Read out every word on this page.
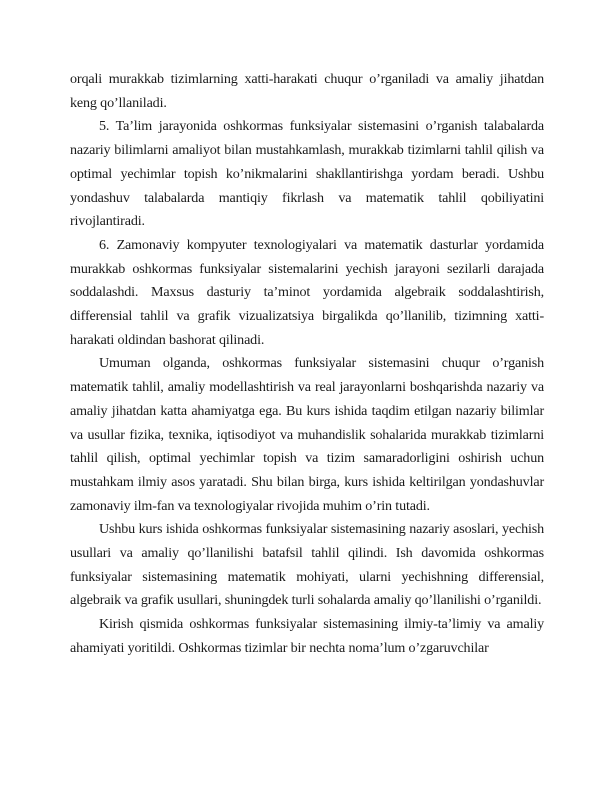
orqali murakkab tizimlarning xatti-harakati chuqur o’rganiladi va amaliy jihatdan keng qo’llaniladi.

5. Ta’lim jarayonida oshkormas funksiyalar sistemasini o’rganish talabalarda nazariy bilimlarni amaliyot bilan mustahkamlash, murakkab tizimlarni tahlil qilish va optimal yechimlar topish ko’nikmalarini shakllantirishga yordam beradi. Ushbu yondashuv talabalarda mantiqiy fikrlash va matematik tahlil qobiliyatini rivojlantiradi.

6. Zamonaviy kompyuter texnologiyalari va matematik dasturlar yordamida murakkab oshkormas funksiyalar sistemalarini yechish jarayoni sezilarli darajada soddalashdi. Maxsus dasturiy ta’minot yordamida algebraik soddalashtirish, differensial tahlil va grafik vizualizatsiya birgalikda qo’llanilib, tizimning xatti-harakati oldindan bashorat qilinadi.

Umuman olganda, oshkormas funksiyalar sistemasini chuqur o’rganish matematik tahlil, amaliy modellashtirish va real jarayonlarni boshqarishda nazariy va amaliy jihatdan katta ahamiyatga ega. Bu kurs ishida taqdim etilgan nazariy bilimlar va usullar fizika, texnika, iqtisodiyot va muhandislik sohalarida murakkab tizimlarni tahlil qilish, optimal yechimlar topish va tizim samaradorligini oshirish uchun mustahkam ilmiy asos yaratadi. Shu bilan birga, kurs ishida keltirilgan yondashuvlar zamonaviy ilm-fan va texnologiyalar rivojida muhim o’rin tutadi.

Ushbu kurs ishida oshkormas funksiyalar sistemasining nazariy asoslari, yechish usullari va amaliy qo’llanilishi batafsil tahlil qilindi. Ish davomida oshkormas funksiyalar sistemasining matematik mohiyati, ularni yechishning differensial, algebraik va grafik usullari, shuningdek turli sohalarda amaliy qo’llanilishi o’rganildi.

Kirish qismida oshkormas funksiyalar sistemasining ilmiy-ta’limiy va amaliy ahamiyati yoritildi. Oshkormas tizimlar bir nechta noma’lum o’zgaruvchilar
